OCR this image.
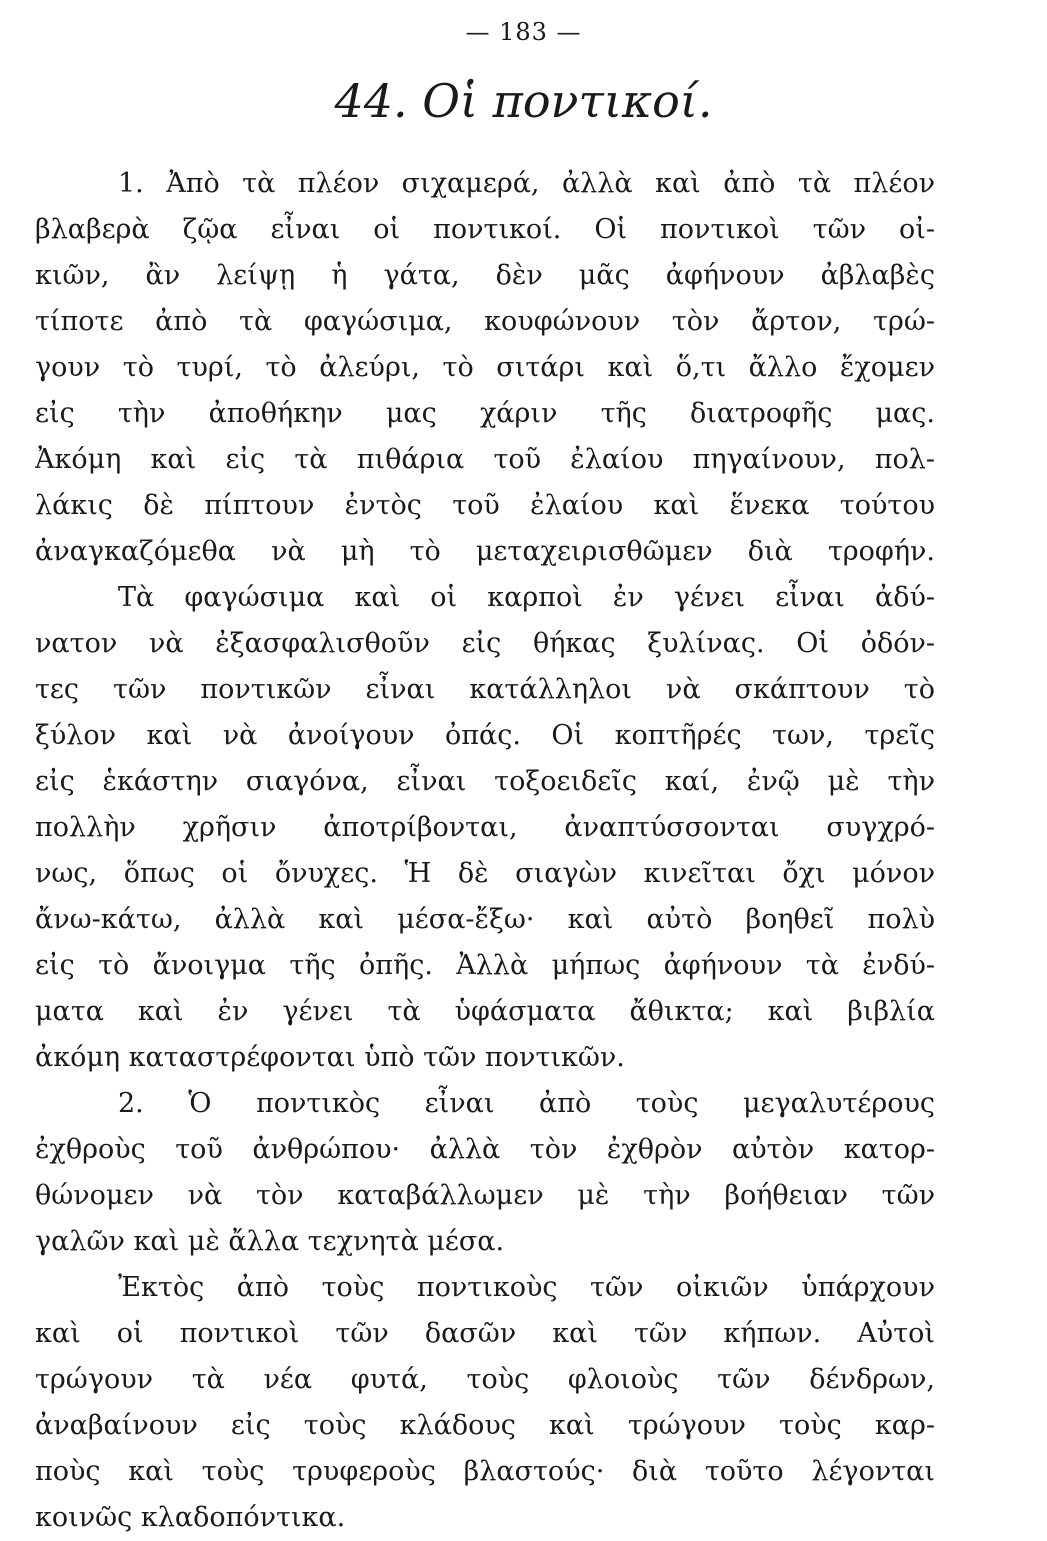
— 183 —
44. Οἱ ποντικοί.
1. Ἀπὸ τὰ πλέον σιχαμερά, ἀλλὰ καὶ ἀπὸ τὰ πλέον
βλαβερὰ ζῷα εἶναι οἱ ποντικοί. Οἱ ποντικοὶ τῶν οἰ-
κιῶν, ἂν λείψῃ ἡ γάτα, δὲν μᾶς ἀφήνουν ἀβλαβὲς
τίποτε ἀπὸ τὰ φαγώσιμα, κουφώνουν τὸν ἄρτον, τρώ-
γουν τὸ τυρί, τὸ ἀλεύρι, τὸ σιτάρι καὶ ὅ,τι ἄλλο ἔχομεν
εἰς τὴν ἀποθήκην μας χάριν τῆς διατροφῆς μας.
Ἀκόμη καὶ εἰς τὰ πιθάρια τοῦ ἐλαίου πηγαίνουν, πολ-
λάκις δὲ πίπτουν ἐντὸς τοῦ ἐλαίου καὶ ἕνεκα τούτου
ἀναγκαζόμεθα νὰ μὴ τὸ μεταχειρισθῶμεν διὰ τροφήν.
Τὰ φαγώσιμα καὶ οἱ καρποὶ ἐν γένει εἶναι ἀδύ-
νατον νὰ ἐξασφαλισθοῦν εἰς θήκας ξυλίνας. Οἱ ὀδόν-
τες τῶν ποντικῶν εἶναι κατάλληλοι νὰ σκάπτουν τὸ
ξύλον καὶ νὰ ἀνοίγουν ὀπάς. Οἱ κοπτῆρές των, τρεῖς
εἰς ἑκάστην σιαγόνα, εἶναι τοξοειδεῖς καί, ἐνῷ μὲ τὴν
πολλὴν χρῆσιν ἀποτρίβονται, ἀναπτύσσονται συγχρό-
νως, ὅπως οἱ ὄνυχες. Ἡ δὲ σιαγὼν κινεῖται ὄχι μόνον
ἄνω-κάτω, ἀλλὰ καὶ μέσα-ἔξω· καὶ αὐτὸ βοηθεῖ πολὺ
εἰς τὸ ἄνοιγμα τῆς ὀπῆς. Ἀλλὰ μήπως ἀφήνουν τὰ ἐνδύ-
ματα καὶ ἐν γένει τὰ ὑφάσματα ἄθικτα; καὶ βιβλία
ἀκόμη καταστρέφονται ὑπὸ τῶν ποντικῶν.
2. Ὁ ποντικὸς εἶναι ἀπὸ τοὺς μεγαλυτέρους
ἐχθροὺς τοῦ ἀνθρώπου· ἀλλὰ τὸν ἐχθρὸν αὐτὸν κατορ-
θώνομεν νὰ τὸν καταβάλλωμεν μὲ τὴν βοήθειαν τῶν
γαλῶν καὶ μὲ ἄλλα τεχνητὰ μέσα.
Ἐκτὸς ἀπὸ τοὺς ποντικοὺς τῶν οἰκιῶν ὑπάρχουν
καὶ οἱ ποντικοὶ τῶν δασῶν καὶ τῶν κήπων. Αὐτοὶ
τρώγουν τὰ νέα φυτά, τοὺς φλοιοὺς τῶν δένδρων,
ἀναβαίνουν εἰς τοὺς κλάδους καὶ τρώγουν τοὺς καρ-
ποὺς καὶ τοὺς τρυφεροὺς βλαστούς· διὰ τοῦτο λέγονται
κοινῶς κλαδοπόντικα.
